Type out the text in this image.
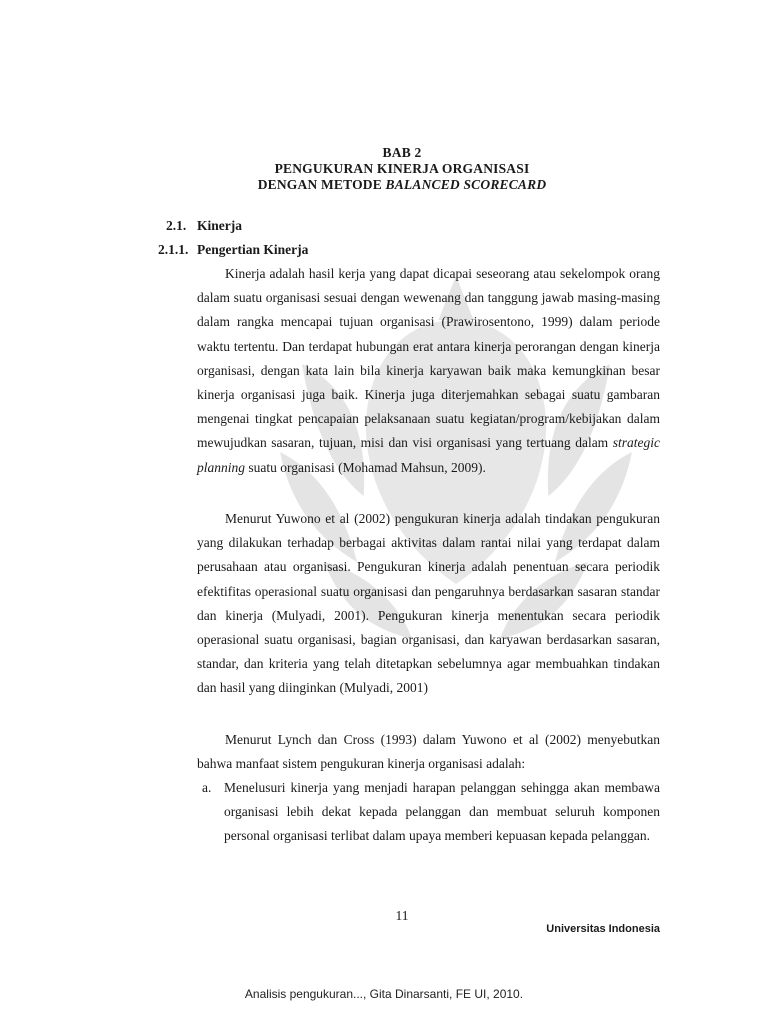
BAB 2
PENGUKURAN KINERJA ORGANISASI
DENGAN METODE BALANCED SCORECARD
2.1. Kinerja
2.1.1. Pengertian Kinerja
Kinerja adalah hasil kerja yang dapat dicapai seseorang atau sekelompok orang dalam suatu organisasi sesuai dengan wewenang dan tanggung jawab masing-masing dalam rangka mencapai tujuan organisasi (Prawirosentono, 1999) dalam periode waktu tertentu. Dan terdapat hubungan erat antara kinerja perorangan dengan kinerja organisasi, dengan kata lain bila kinerja karyawan baik maka kemungkinan besar kinerja organisasi juga baik. Kinerja juga diterjemahkan sebagai suatu gambaran mengenai tingkat pencapaian pelaksanaan suatu kegiatan/program/kebijakan dalam mewujudkan sasaran, tujuan, misi dan visi organisasi yang tertuang dalam strategic planning suatu organisasi (Mohamad Mahsun, 2009).
Menurut Yuwono et al (2002) pengukuran kinerja adalah tindakan pengukuran yang dilakukan terhadap berbagai aktivitas dalam rantai nilai yang terdapat dalam perusahaan atau organisasi. Pengukuran kinerja adalah penentuan secara periodik efektifitas operasional suatu organisasi dan pengaruhnya berdasarkan sasaran standar dan kinerja (Mulyadi, 2001). Pengukuran kinerja menentukan secara periodik operasional suatu organisasi, bagian organisasi, dan karyawan berdasarkan sasaran, standar, dan kriteria yang telah ditetapkan sebelumnya agar membuahkan tindakan dan hasil yang diinginkan (Mulyadi, 2001)
Menurut Lynch dan Cross (1993) dalam Yuwono et al (2002) menyebutkan bahwa manfaat sistem pengukuran kinerja organisasi adalah:
a. Menelusuri kinerja yang menjadi harapan pelanggan sehingga akan membawa organisasi lebih dekat kepada pelanggan dan membuat seluruh komponen personal organisasi terlibat dalam upaya memberi kepuasan kepada pelanggan.
11
Universitas Indonesia
Analisis pengukuran..., Gita Dinarsanti, FE UI, 2010.
